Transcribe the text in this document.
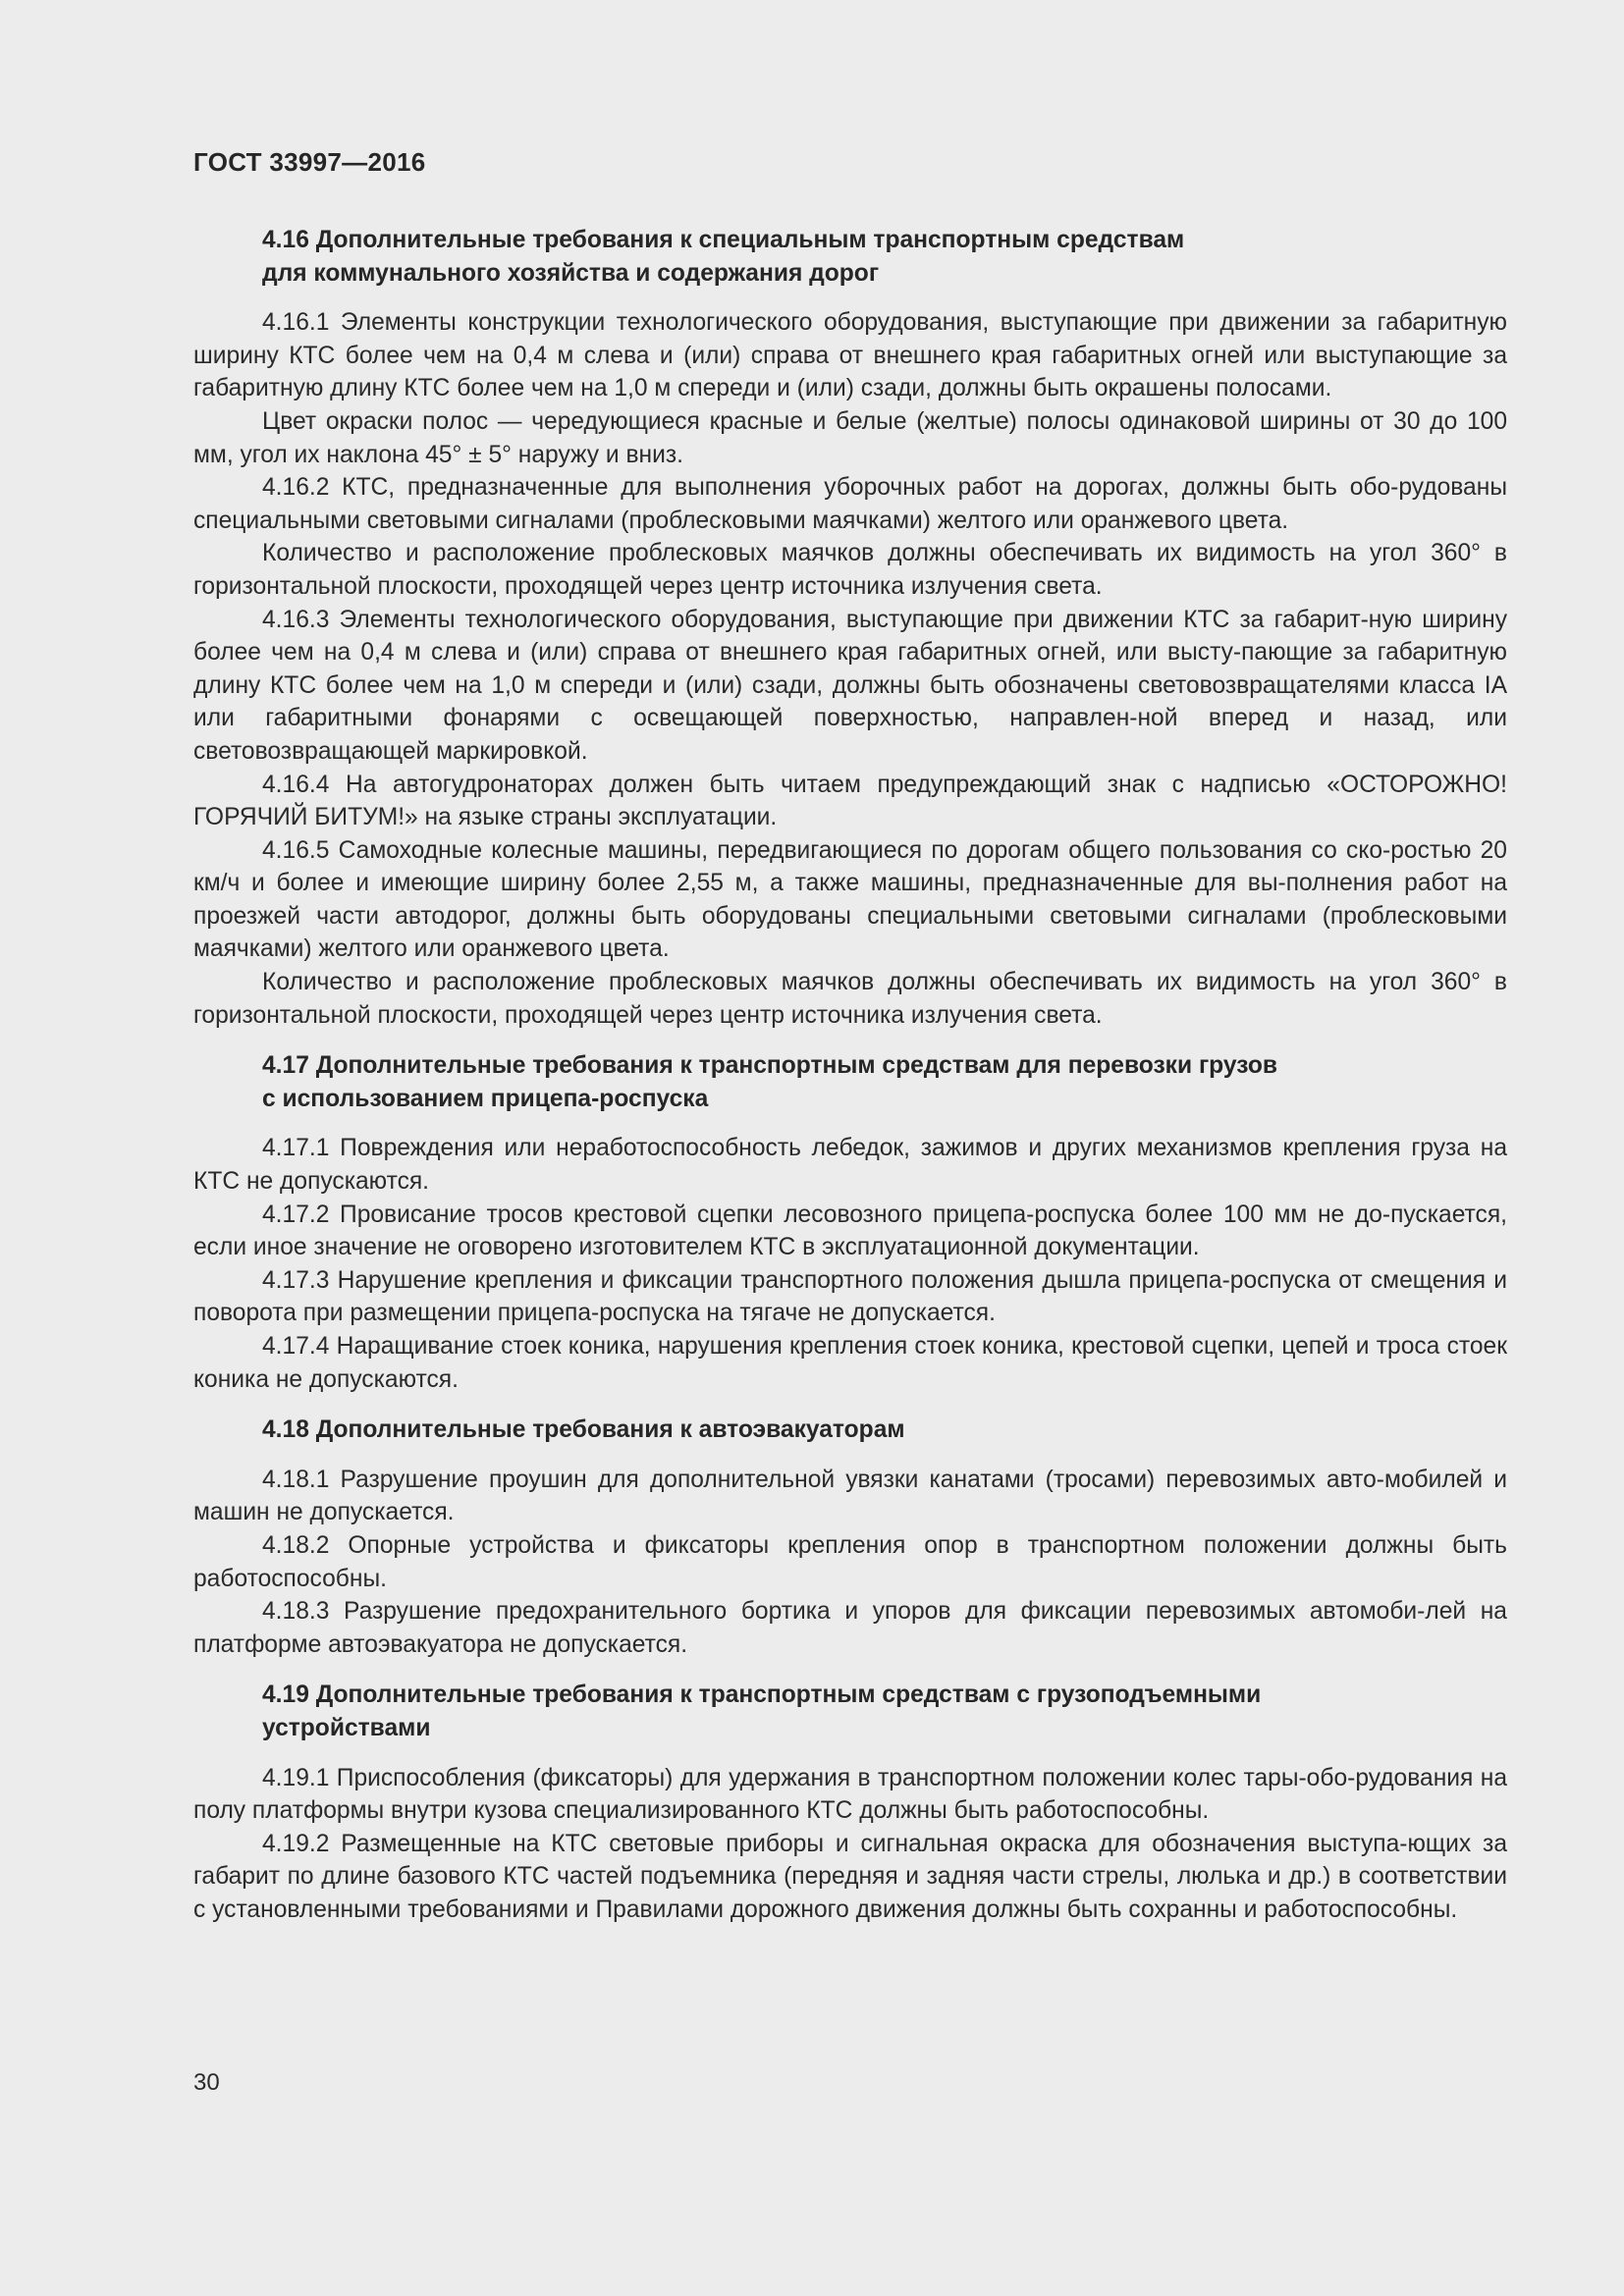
ГОСТ 33997—2016
4.16 Дополнительные требования к специальным транспортным средствам
для коммунального хозяйства и содержания дорог

4.16.1 Элементы конструкции технологического оборудования, выступающие при движении за габаритную ширину КТС более чем на 0,4 м слева и (или) справа от внешнего края габаритных огней или выступающие за габаритную длину КТС более чем на 1,0 м спереди и (или) сзади, должны быть окрашены полосами.

Цвет окраски полос — чередующиеся красные и белые (желтые) полосы одинаковой ширины от 30 до 100 мм, угол их наклона 45° ± 5° наружу и вниз.

4.16.2 КТС, предназначенные для выполнения уборочных работ на дорогах, должны быть обо-рудованы специальными световыми сигналами (проблесковыми маячками) желтого или оранжевого цвета.

Количество и расположение проблесковых маячков должны обеспечивать их видимость на угол 360° в горизонтальной плоскости, проходящей через центр источника излучения света.

4.16.3 Элементы технологического оборудования, выступающие при движении КТС за габарит-ную ширину более чем на 0,4 м слева и (или) справа от внешнего края габаритных огней, или высту-пающие за габаритную длину КТС более чем на 1,0 м спереди и (или) сзади, должны быть обозначены световозвращателями класса IA или габаритными фонарями с освещающей поверхностью, направлен-ной вперед и назад, или световозвращающей маркировкой.

4.16.4 На автогудронаторах должен быть читаем предупреждающий знак с надписью «ОСТОРОЖНО! ГОРЯЧИЙ БИТУМ!» на языке страны эксплуатации.

4.16.5 Самоходные колесные машины, передвигающиеся по дорогам общего пользования со ско-ростью 20 км/ч и более и имеющие ширину более 2,55 м, а также машины, предназначенные для вы-полнения работ на проезжей части автодорог, должны быть оборудованы специальными световыми сигналами (проблесковыми маячками) желтого или оранжевого цвета.

Количество и расположение проблесковых маячков должны обеспечивать их видимость на угол 360° в горизонтальной плоскости, проходящей через центр источника излучения света.

4.17 Дополнительные требования к транспортным средствам для перевозки грузов
с использованием прицепа-роспуска

4.17.1 Повреждения или неработоспособность лебедок, зажимов и других механизмов крепления груза на КТС не допускаются.

4.17.2 Провисание тросов крестовой сцепки лесовозного прицепа-роспуска более 100 мм не до-пускается, если иное значение не оговорено изготовителем КТС в эксплуатационной документации.

4.17.3 Нарушение крепления и фиксации транспортного положения дышла прицепа-роспуска от смещения и поворота при размещении прицепа-роспуска на тягаче не допускается.

4.17.4 Наращивание стоек коника, нарушения крепления стоек коника, крестовой сцепки, цепей и троса стоек коника не допускаются.

4.18 Дополнительные требования к автоэвакуаторам

4.18.1 Разрушение проушин для дополнительной увязки канатами (тросами) перевозимых авто-мобилей и машин не допускается.

4.18.2 Опорные устройства и фиксаторы крепления опор в транспортном положении должны быть работоспособны.

4.18.3 Разрушение предохранительного бортика и упоров для фиксации перевозимых автомоби-лей на платформе автоэвакуатора не допускается.

4.19 Дополнительные требования к транспортным средствам с грузоподъемными
устройствами

4.19.1 Приспособления (фиксаторы) для удержания в транспортном положении колес тары-обо-рудования на полу платформы внутри кузова специализированного КТС должны быть работоспособны.

4.19.2 Размещенные на КТС световые приборы и сигнальная окраска для обозначения выступа-ющих за габарит по длине базового КТС частей подъемника (передняя и задняя части стрелы, люлька и др.) в соответствии с установленными требованиями и Правилами дорожного движения должны быть сохранны и работоспособны.

30
